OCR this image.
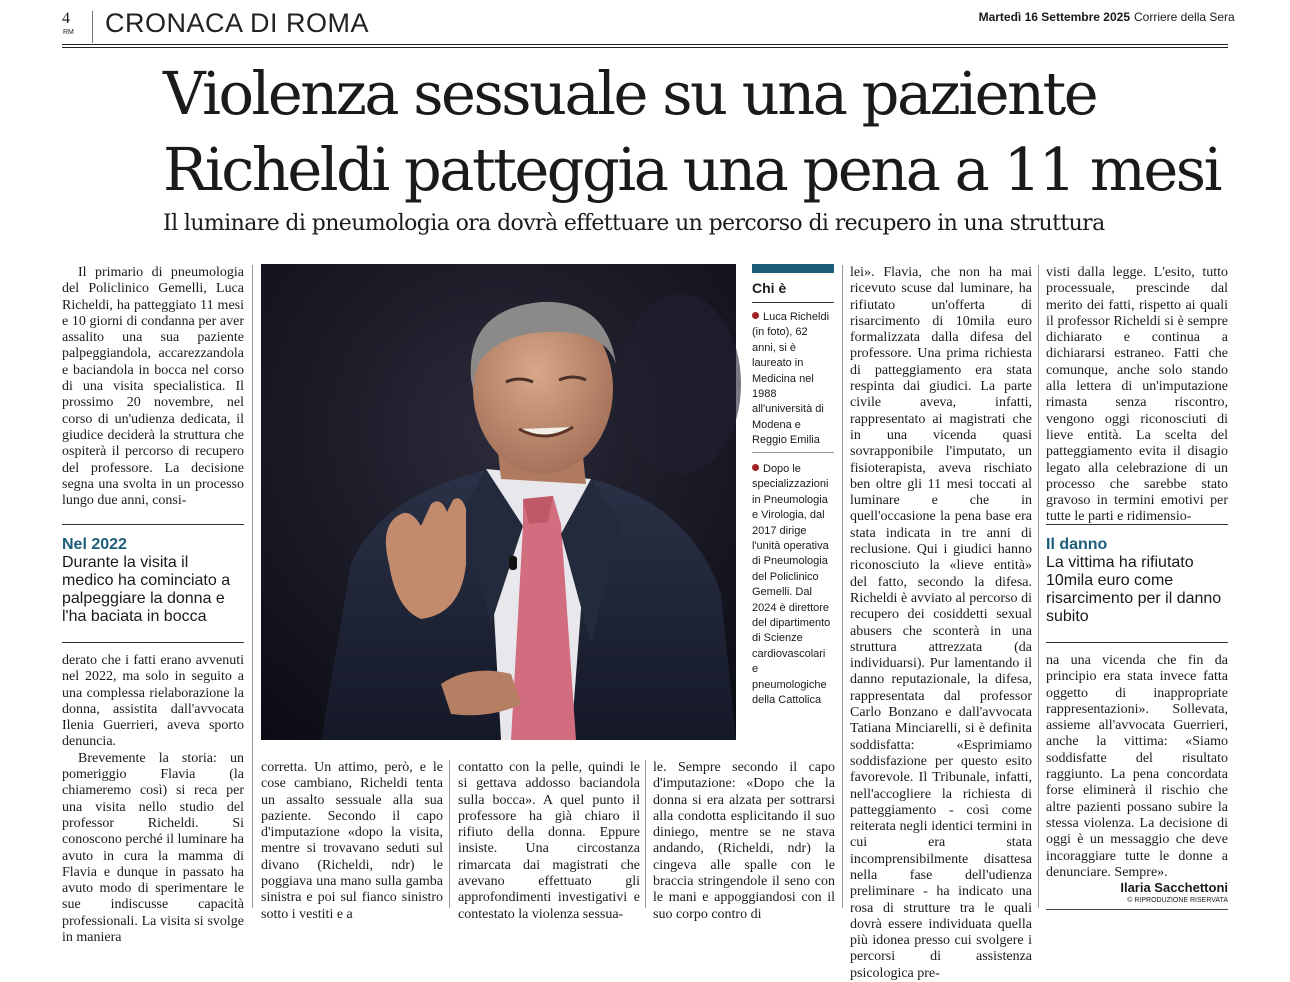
4
RM CRONACA DI ROMA	Martedì 16 Settembre 2025 Corriere della Sera
Violenza sessuale su una paziente
Richeldi patteggia una pena a 11 mesi
Il luminare di pneumologia ora dovrà effettuare un percorso di recupero in una struttura

Il primario di pneumologia del Policlinico Gemelli, Luca Richeldi, ha patteggiato 11 mesi e 10 giorni di condanna per aver assalito una sua paziente palpeggiandola, accarezzandola e baciandola in bocca nel corso di una visita specialistica. Il prossimo 20 novembre, nel corso di un'udienza dedicata, il giudice deciderà la struttura che ospiterà il percorso di recupero del professore. La decisione segna una svolta in un processo lungo due anni, consi-

Nel 2022
Durante la visita il medico ha cominciato a palpeggiare la donna e l'ha baciata in bocca

derato che i fatti erano avvenuti nel 2022, ma solo in seguito a una complessa rielaborazione la donna, assistita dall'avvocata Ilenia Guerrieri, aveva sporto denuncia.

Brevemente la storia: un pomeriggio Flavia (la chiameremo così) si reca per una visita nello studio del professor Richeldi. Si conoscono perché il luminare ha avuto in cura la mamma di Flavia e dunque in passato ha avuto modo di sperimentare le sue indiscusse capacità professionali. La visita si svolge in maniera

Chi è
Luca Richeldi (in foto), 62 anni, si è laureato in Medicina nel 1988 all'università di Modena e Reggio Emilia
Dopo le specializzazioni in Pneumologia e Virologia, dal 2017 dirige l'unità operativa di Pneumologia del Policlinico Gemelli. Dal 2024 è direttore del dipartimento di Scienze cardiovascolari e pneumologiche della Cattolica

corretta. Un attimo, però, e le cose cambiano, Richeldi tenta un assalto sessuale alla sua paziente. Secondo il capo d'imputazione «dopo la visita, mentre si trovavano seduti sul divano (Richeldi, ndr) le poggiava una mano sulla gamba sinistra e poi sul fianco sinistro sotto i vestiti e a

contatto con la pelle, quindi le si gettava addosso baciandola sulla bocca». A quel punto il professore ha già chiaro il rifiuto della donna. Eppure insiste. Una circostanza rimarcata dai magistrati che avevano effettuato gli approfondimenti investigativi e contestato la violenza sessua-

le. Sempre secondo il capo d'imputazione: «Dopo che la donna si era alzata per sottrarsi alla condotta esplicitando il suo diniego, mentre se ne stava andando, (Richeldi, ndr) la cingeva alle spalle con le braccia stringendole il seno con le mani e appoggiandosi con il suo corpo contro di

lei». Flavia, che non ha mai ricevuto scuse dal luminare, ha rifiutato un'offerta di risarcimento di 10mila euro formalizzata dalla difesa del professore. Una prima richiesta di patteggiamento era stata respinta dai giudici. La parte civile aveva, infatti, rappresentato ai magistrati che in una vicenda quasi sovrapponibile l'imputato, un fisioterapista, aveva rischiato ben oltre gli 11 mesi toccati al luminare e che in quell'occasione la pena base era stata indicata in tre anni di reclusione. Qui i giudici hanno riconosciuto la «lieve entità» del fatto, secondo la difesa. Richeldi è avviato al percorso di recupero dei cosiddetti sexual abusers che sconterà in una struttura attrezzata (da individuarsi). Pur lamentando il danno reputazionale, la difesa, rappresentata dal professor Carlo Bonzano e dall'avvocata Tatiana Minciarelli, si è definita soddisfatta: «Esprimiamo soddisfazione per questo esito favorevole. Il Tribunale, infatti, nell'accogliere la richiesta di patteggiamento - così come reiterata negli identici termini in cui era stata incomprensibilmente disattesa nella fase dell'udienza preliminare - ha indicato una rosa di strutture tra le quali dovrà essere individuata quella più idonea presso cui svolgere i percorsi di assistenza psicologica pre-

visti dalla legge. L'esito, tutto processuale, prescinde dal merito dei fatti, rispetto ai quali il professor Richeldi si è sempre dichiarato e continua a dichiararsi estraneo. Fatti che comunque, anche solo stando alla lettera di un'imputazione rimasta senza riscontro, vengono oggi riconosciuti di lieve entità. La scelta del patteggiamento evita il disagio legato alla celebrazione di un processo che sarebbe stato gravoso in termini emotivi per tutte le parti e ridimensio-

Il danno
La vittima ha rifiutato 10mila euro come risarcimento per il danno subito

na una vicenda che fin da principio era stata invece fatta oggetto di inappropriate rappresentazioni». Sollevata, assieme all'avvocata Guerrieri, anche la vittima: «Siamo soddisfatte del risultato raggiunto. La pena concordata forse eliminerà il rischio che altre pazienti possano subire la stessa violenza. La decisione di oggi è un messaggio che deve incoraggiare tutte le donne a denunciare. Sempre».

Ilaria Sacchettoni
© RIPRODUZIONE RISERVATA
